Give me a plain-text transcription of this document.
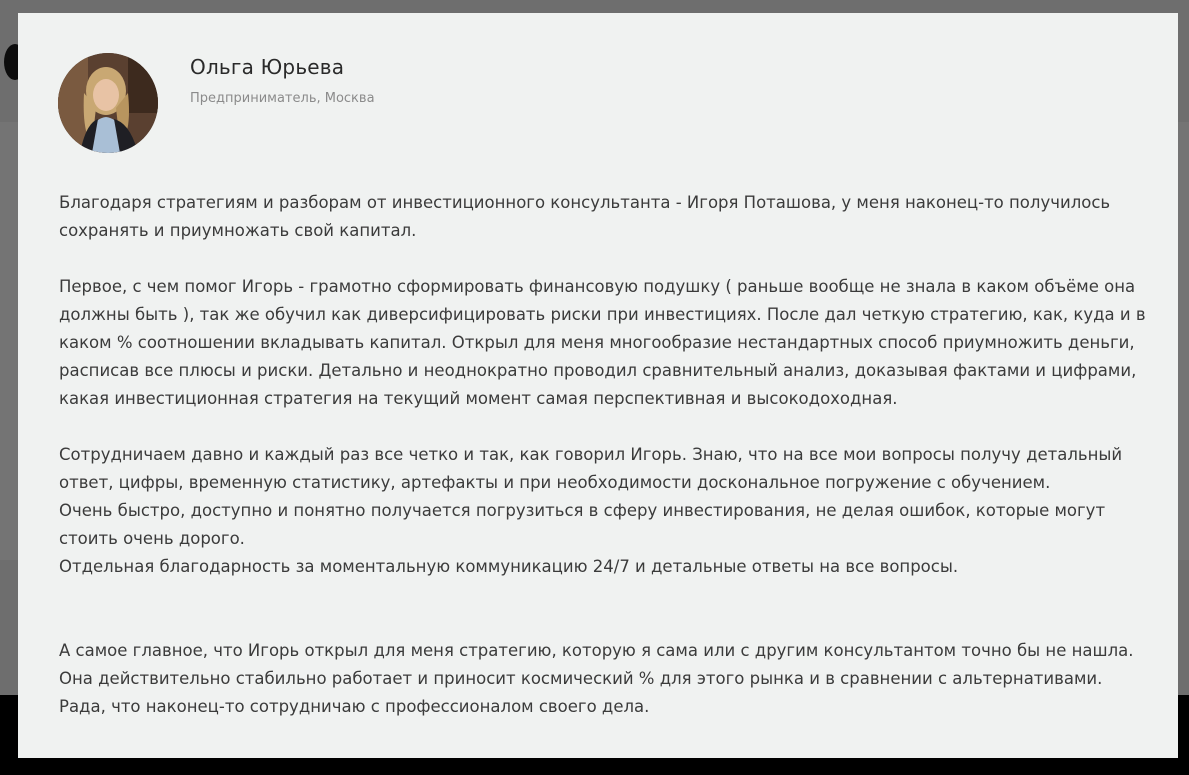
Ольга Юрьева
Предприниматель, Москва

Благодаря стратегиям и разборам от инвестиционного консультанта - Игоря Поташова, у меня наконец-то получилось
сохранять и приумножать свой капитал.

Первое, с чем помог Игорь - грамотно сформировать финансовую подушку ( раньше вообще не знала в каком объёме она
должны быть ), так же обучил как диверсифицировать риски при инвестициях. После дал четкую стратегию, как, куда и в
каком % соотношении вкладывать капитал. Открыл для меня многообразие нестандартных способ приумножить деньги,
расписав все плюсы и риски. Детально и неоднократно проводил сравнительный анализ, доказывая фактами и цифрами,
какая инвестиционная стратегия на текущий момент самая перспективная и высокодоходная.

Сотрудничаем давно и каждый раз все четко и так, как говорил Игорь. Знаю, что на все мои вопросы получу детальный
ответ, цифры, временную статистику, артефакты и при необходимости доскональное погружение с обучением.
Очень быстро, доступно и понятно получается погрузиться в сферу инвестирования, не делая ошибок, которые могут
стоить очень дорого.
Отдельная благодарность за моментальную коммуникацию 24/7 и детальные ответы на все вопросы.

А самое главное, что Игорь открыл для меня стратегию, которую я сама или с другим консультантом точно бы не нашла.
Она действительно стабильно работает и приносит космический % для этого рынка и в сравнении с альтернативами.
Рада, что наконец-то сотрудничаю с профессионалом своего дела.
